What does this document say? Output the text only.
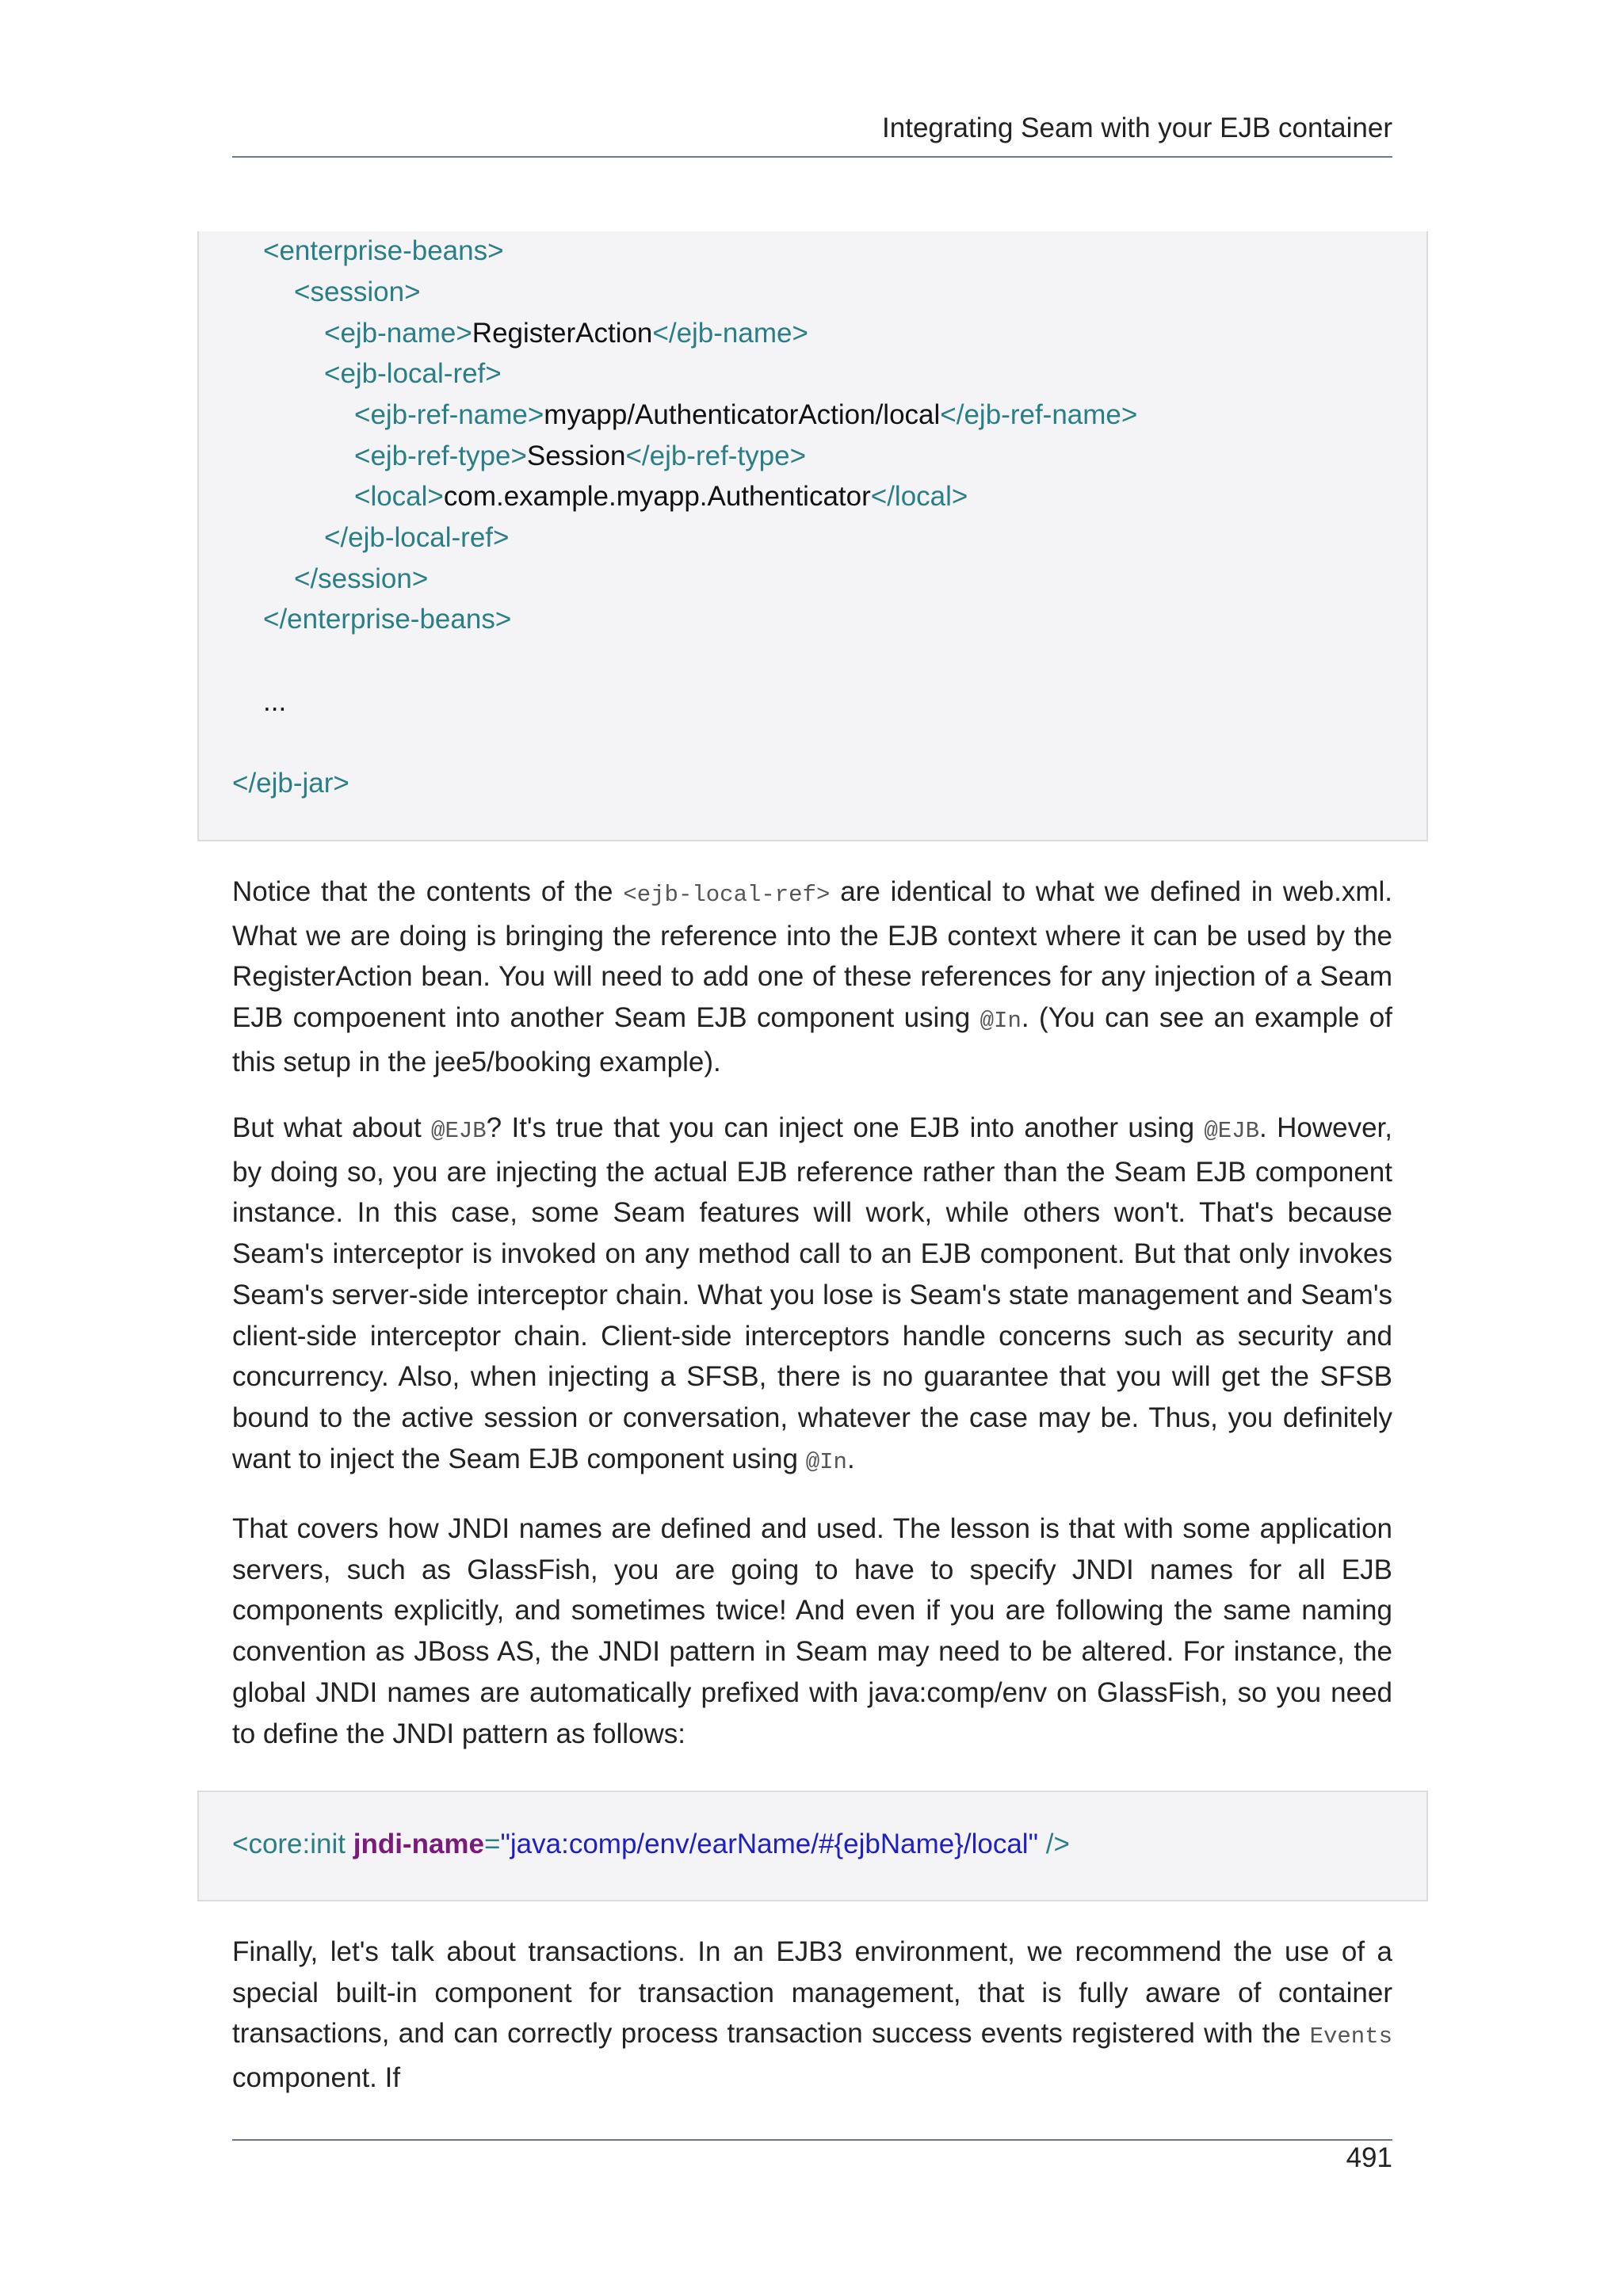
Integrating Seam with your EJB container
<enterprise-beans>
<session>
<ejb-name>RegisterAction</ejb-name>
<ejb-local-ref>
<ejb-ref-name>myapp/AuthenticatorAction/local</ejb-ref-name>
<ejb-ref-type>Session</ejb-ref-type>
<local>com.example.myapp.Authenticator</local>
</ejb-local-ref>
</session>
</enterprise-beans>
...
</ejb-jar>

Notice that the contents of the <ejb-local-ref> are identical to what we defined in web.xml. What we are doing is bringing the reference into the EJB context where it can be used by the RegisterAction bean. You will need to add one of these references for any injection of a Seam EJB compoenent into another Seam EJB component using @In. (You can see an example of this setup in the jee5/booking example).

But what about @EJB? It's true that you can inject one EJB into another using @EJB. However, by doing so, you are injecting the actual EJB reference rather than the Seam EJB component instance. In this case, some Seam features will work, while others won't. That's because Seam's interceptor is invoked on any method call to an EJB component. But that only invokes Seam's server-side interceptor chain. What you lose is Seam's state management and Seam's client-side interceptor chain. Client-side interceptors handle concerns such as security and concurrency. Also, when injecting a SFSB, there is no guarantee that you will get the SFSB bound to the active session or conversation, whatever the case may be. Thus, you definitely want to inject the Seam EJB component using @In.

That covers how JNDI names are defined and used. The lesson is that with some application servers, such as GlassFish, you are going to have to specify JNDI names for all EJB components explicitly, and sometimes twice! And even if you are following the same naming convention as JBoss AS, the JNDI pattern in Seam may need to be altered. For instance, the global JNDI names are automatically prefixed with java:comp/env on GlassFish, so you need to define the JNDI pattern as follows:

<core:init jndi-name="java:comp/env/earName/#{ejbName}/local" />

Finally, let's talk about transactions. In an EJB3 environment, we recommend the use of a special built-in component for transaction management, that is fully aware of container transactions, and can correctly process transaction success events registered with the Events component. If

491
